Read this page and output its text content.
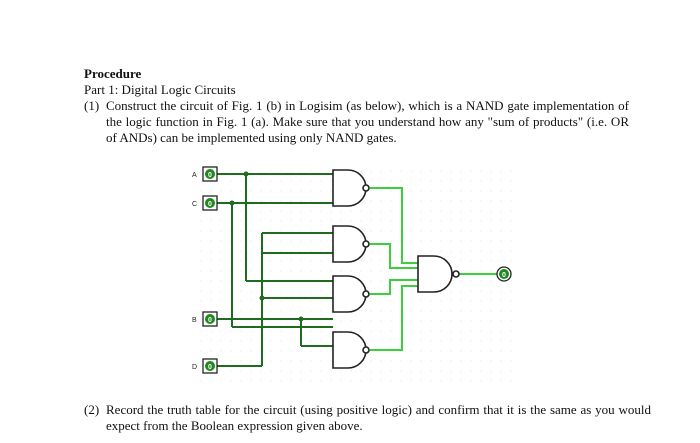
Procedure
Part 1: Digital Logic Circuits
(1) Construct the circuit of Fig. 1 (b) in Logisim (as below), which is a NAND gate implementation of the logic function in Fig. 1 (a). Make sure that you understand how any "sum of products" (i.e. OR of ANDs) can be implemented using only NAND gates.
A 0
C 0
B 0
D 0
0
(2) Record the truth table for the circuit (using positive logic) and confirm that it is the same as you would expect from the Boolean expression given above.
